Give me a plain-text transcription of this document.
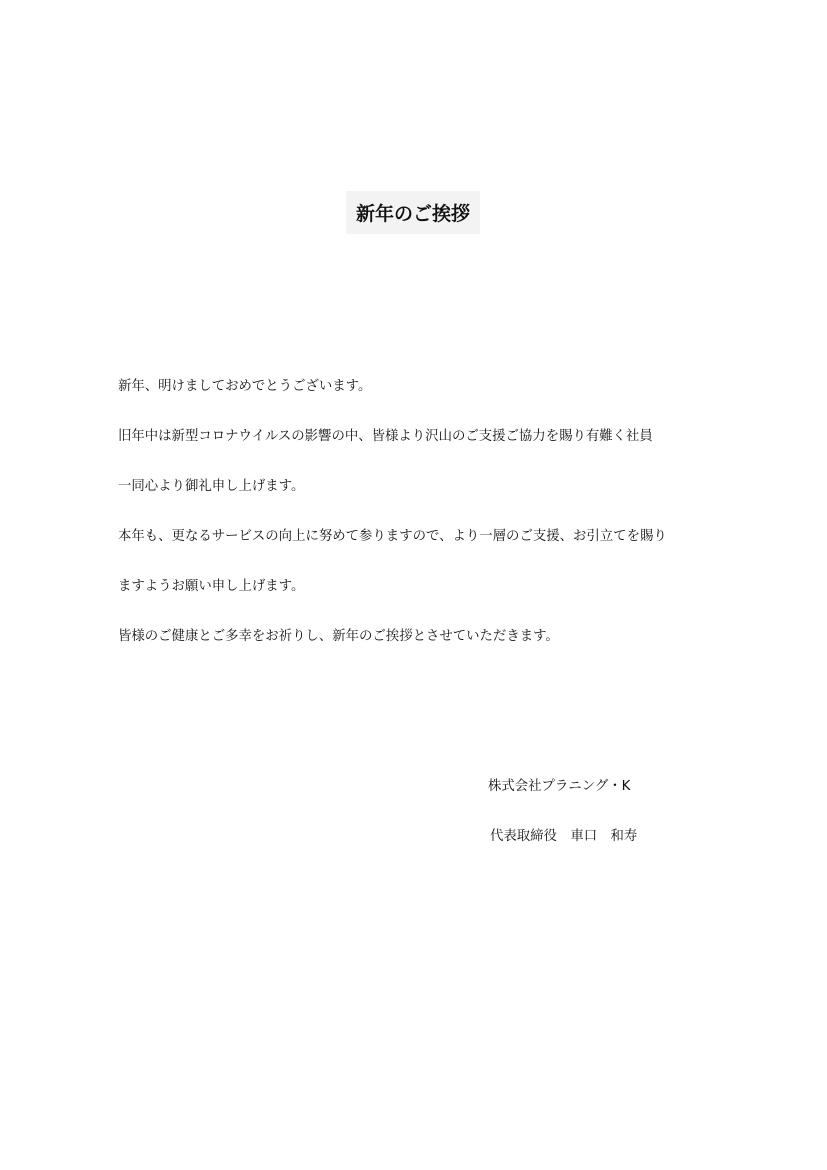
新年のご挨拶
新年、明けましておめでとうございます。
旧年中は新型コロナウイルスの影響の中、皆様より沢山のご支援ご協力を賜り有難く社員
一同心より御礼申し上げます。
本年も、更なるサービスの向上に努めて参りますので、より一層のご支援、お引立てを賜り
ますようお願い申し上げます。
皆様のご健康とご多幸をお祈りし、新年のご挨拶とさせていただきます。
株式会社プラニング・K
代表取締役　車口　和寿
